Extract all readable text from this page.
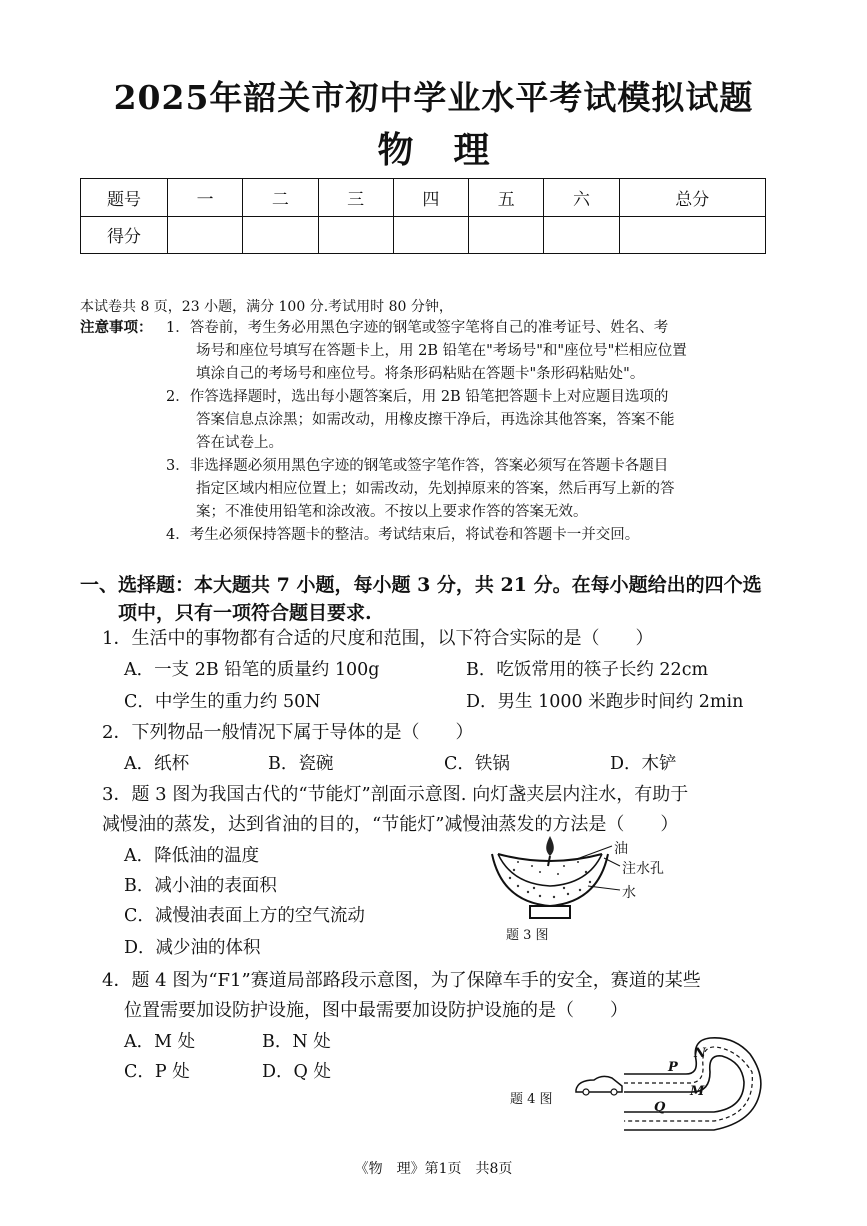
2025年韶关市初中学业水平考试模拟试题
物 理
题号	一	二	三	四	五	六	总分
得分							
本试卷共 8 页，23 小题，满分 100 分.考试用时 80 分钟，
注意事项： 1．答卷前，考生务必用黑色字迹的钢笔或签字笔将自己的准考证号、姓名、考
场号和座位号填写在答题卡上，用 2B 铅笔在"考场号"和"座位号"栏相应位置
填涂自己的考场号和座位号。将条形码粘贴在答题卡"条形码粘贴处"。
2．作答选择题时，选出每小题答案后，用 2B 铅笔把答题卡上对应题目选项的
答案信息点涂黑；如需改动，用橡皮擦干净后，再选涂其他答案，答案不能
答在试卷上。
3．非选择题必须用黑色字迹的钢笔或签字笔作答，答案必须写在答题卡各题目
指定区域内相应位置上；如需改动，先划掉原来的答案，然后再写上新的答
案；不准使用铅笔和涂改液。不按以上要求作答的答案无效。
4．考生必须保持答题卡的整洁。考试结束后，将试卷和答题卡一并交回。
一、选择题：本大题共 7 小题，每小题 3 分，共 21 分。在每小题给出的四个选
项中，只有一项符合题目要求.
1．生活中的事物都有合适的尺度和范围，以下符合实际的是（　　）
A．一支 2B 铅笔的质量约 100g	B．吃饭常用的筷子长约 22cm
C．中学生的重力约 50N	D．男生 1000 米跑步时间约 2min
2．下列物品一般情况下属于导体的是（　　）
A．纸杯	B．瓷碗	C．铁锅	D．木铲
3．题 3 图为我国古代的“节能灯”剖面示意图. 向灯盏夹层内注水，有助于
减慢油的蒸发，达到省油的目的，“节能灯”减慢油蒸发的方法是（　　）
A．降低油的温度
B．减小油的表面积
C．减慢油表面上方的空气流动
D．减少油的体积
油
注水孔
水
题 3 图
4．题 4 图为“F1”赛道局部路段示意图，为了保障车手的安全，赛道的某些
位置需要加设防护设施，图中最需要加设防护设施的是（　　）
A．M 处	B．N 处
C．P 处	D．Q 处	P
N
M
Q
题 4 图
《物　理》第1页　共8页
